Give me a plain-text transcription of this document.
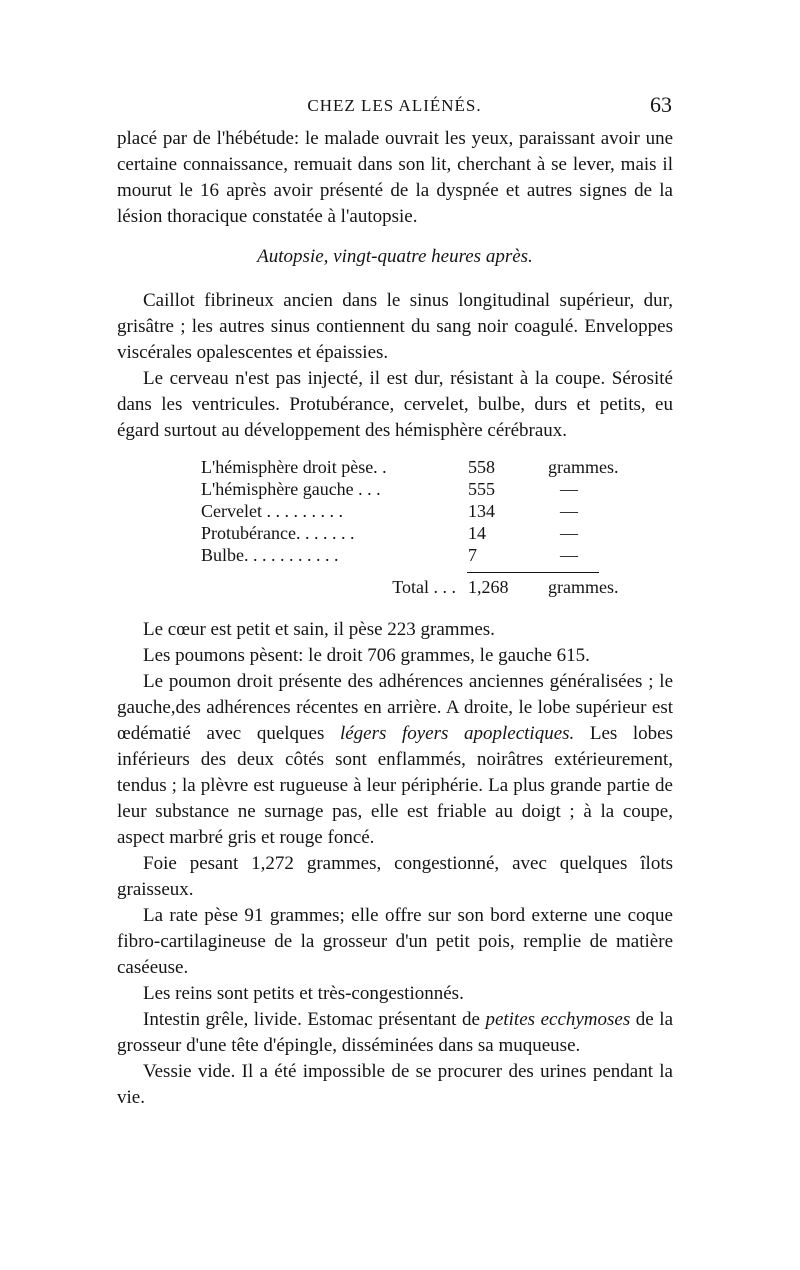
CHEZ LES ALIÉNÉS.	63

placé par de l'hébétude: le malade ouvrait les yeux, paraissant avoir une certaine connaissance, remuait dans son lit, cherchant à se lever, mais il mourut le 16 après avoir présenté de la dyspnée et autres signes de la lésion thoracique constatée à l'autopsie.

Autopsie, vingt-quatre heures après.

Caillot fibrineux ancien dans le sinus longitudinal supérieur, dur, grisâtre ; les autres sinus contiennent du sang noir coagulé. Enveloppes viscérales opalescentes et épaissies.

Le cerveau n'est pas injecté, il est dur, résistant à la coupe. Sérosité dans les ventricules. Protubérance, cervelet, bulbe, durs et petits, eu égard surtout au développement des hémisphère cérébraux.

L'hémisphère droit pèse. .	558	grammes.
L'hémisphère gauche . . .	555	—
Cervelet . . . . . . . . .	134	—
Protubérance. . . . . . .	14	—
Bulbe. . . . . . . . . . .	7	—
Total . . . 1,268	grammes.

Le cœur est petit et sain, il pèse 223 grammes.

Les poumons pèsent: le droit 706 grammes, le gauche 615.

Le poumon droit présente des adhérences anciennes généralisées ; le gauche,des adhérences récentes en arrière. A droite, le lobe supérieur est œdématié avec quelques légers foyers apoplectiques. Les lobes inférieurs des deux côtés sont enflammés, noirâtres extérieurement, tendus ; la plèvre est rugueuse à leur périphérie. La plus grande partie de leur substance ne surnage pas, elle est friable au doigt ; à la coupe, aspect marbré gris et rouge foncé.

Foie pesant 1,272 grammes, congestionné, avec quelques îlots graisseux.

La rate pèse 91 grammes; elle offre sur son bord externe une coque fibro-cartilagineuse de la grosseur d'un petit pois, remplie de matière caséeuse.

Les reins sont petits et très-congestionnés.

Intestin grêle, livide. Estomac présentant de petites ecchymoses de la grosseur d'une tête d'épingle, disséminées dans sa muqueuse.

Vessie vide. Il a été impossible de se procurer des urines pendant la vie.
